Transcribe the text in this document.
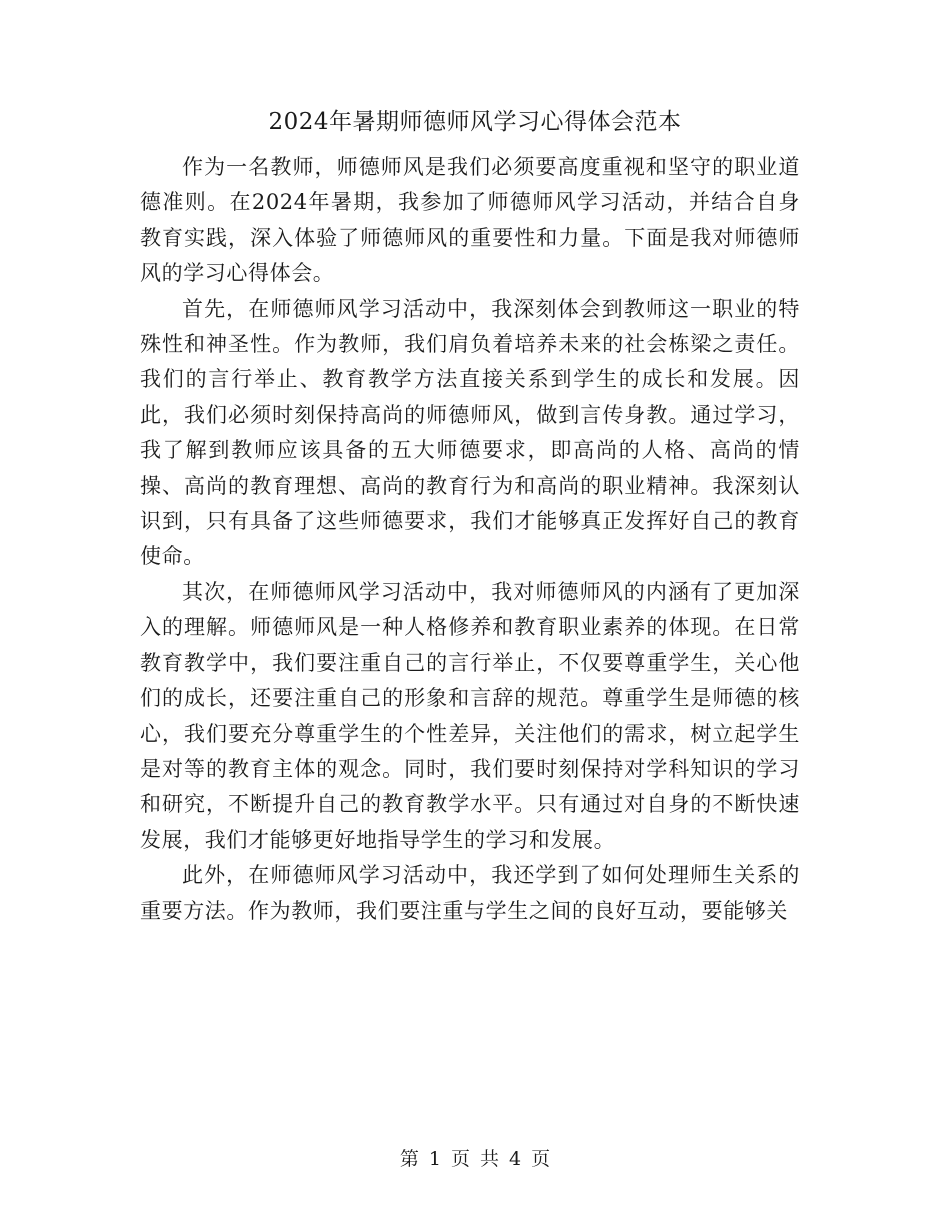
2024年暑期师德师风学习心得体会范本

作为一名教师，师德师风是我们必须要高度重视和坚守的职业道德准则。在2024年暑期，我参加了师德师风学习活动，并结合自身教育实践，深入体验了师德师风的重要性和力量。下面是我对师德师风的学习心得体会。

首先，在师德师风学习活动中，我深刻体会到教师这一职业的特殊性和神圣性。作为教师，我们肩负着培养未来的社会栋梁之责任。我们的言行举止、教育教学方法直接关系到学生的成长和发展。因此，我们必须时刻保持高尚的师德师风，做到言传身教。通过学习，我了解到教师应该具备的五大师德要求，即高尚的人格、高尚的情操、高尚的教育理想、高尚的教育行为和高尚的职业精神。我深刻认识到，只有具备了这些师德要求，我们才能够真正发挥好自己的教育使命。

其次，在师德师风学习活动中，我对师德师风的内涵有了更加深入的理解。师德师风是一种人格修养和教育职业素养的体现。在日常教育教学中，我们要注重自己的言行举止，不仅要尊重学生，关心他们的成长，还要注重自己的形象和言辞的规范。尊重学生是师德的核心，我们要充分尊重学生的个性差异，关注他们的需求，树立起学生是对等的教育主体的观念。同时，我们要时刻保持对学科知识的学习和研究，不断提升自己的教育教学水平。只有通过对自身的不断快速发展，我们才能够更好地指导学生的学习和发展。

此外，在师德师风学习活动中，我还学到了如何处理师生关系的重要方法。作为教师，我们要注重与学生之间的良好互动，要能够关

第 1 页 共 4 页
